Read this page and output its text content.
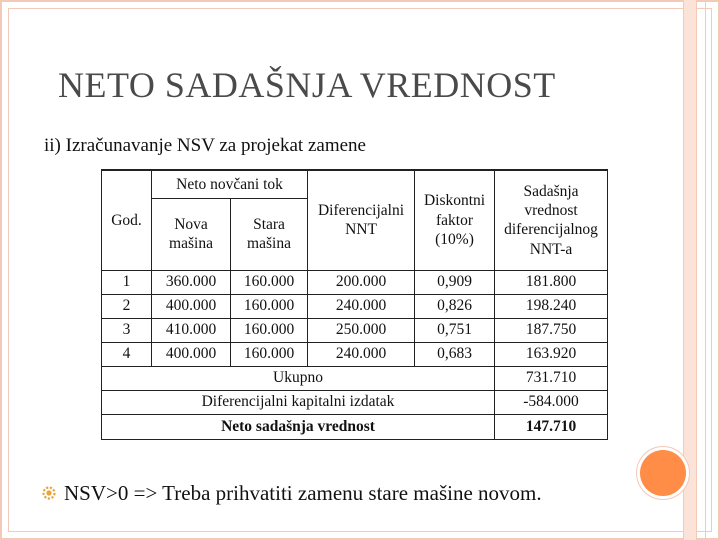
NETO SADAŠNJA VREDNOST
ii) Izračunavanje NSV za projekat zamene
God.	Neto novčani tok		Diferencijalni NNT	Diskontni faktor (10%)	Sadašnja vrednost diferencijalnog NNT-a
	Nova mašina	Stara mašina			
1	360.000	160.000	200.000	0,909	181.800
2	400.000	160.000	240.000	0,826	198.240
3	410.000	160.000	250.000	0,751	187.750
4	400.000	160.000	240.000	0,683	163.920
Ukupno					731.710
Diferencijalni kapitalni izdatak					-584.000
Neto sadašnja vrednost					147.710
NSV>0 => Treba prihvatiti zamenu stare mašine novom.
